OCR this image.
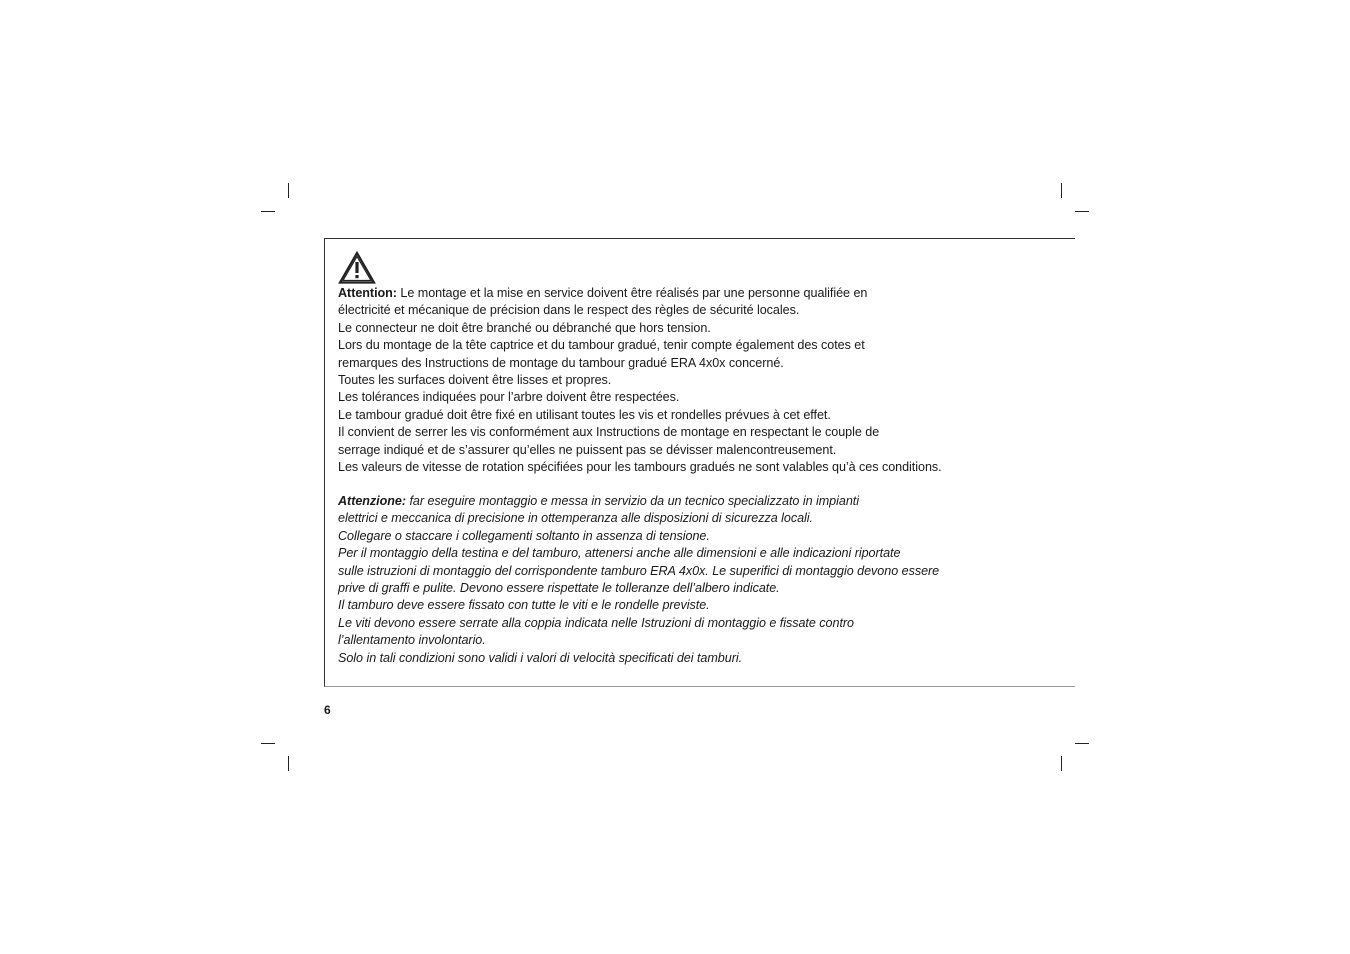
Attention: Le montage et la mise en service doivent être réalisés par une personne qualifiée en
électricité et mécanique de précision dans le respect des règles de sécurité locales.
Le connecteur ne doit être branché ou débranché que hors tension.
Lors du montage de la tête captrice et du tambour gradué, tenir compte également des cotes et
remarques des Instructions de montage du tambour gradué ERA 4x0x concerné.
Toutes les surfaces doivent être lisses et propres.
Les tolérances indiquées pour l’arbre doivent être respectées.
Le tambour gradué doit être fixé en utilisant toutes les vis et rondelles prévues à cet effet.
Il convient de serrer les vis conformément aux Instructions de montage en respectant le couple de
serrage indiqué et de s’assurer qu’elles ne puissent pas se dévisser malencontreusement.
Les valeurs de vitesse de rotation spécifiées pour les tambours gradués ne sont valables qu’à ces conditions.
Attenzione: far eseguire montaggio e messa in servizio da un tecnico specializzato in impianti
elettrici e meccanica di precisione in ottemperanza alle disposizioni di sicurezza locali.
Collegare o staccare i collegamenti soltanto in assenza di tensione.
Per il montaggio della testina e del tamburo, attenersi anche alle dimensioni e alle indicazioni riportate
sulle istruzioni di montaggio del corrispondente tamburo ERA 4x0x. Le superifici di montaggio devono essere
prive di graffi e pulite. Devono essere rispettate le tolleranze dell’albero indicate.
Il tamburo deve essere fissato con tutte le viti e le rondelle previste.
Le viti devono essere serrate alla coppia indicata nelle Istruzioni di montaggio e fissate contro
l’allentamento involontario.
Solo in tali condizioni sono validi i valori di velocità specificati dei tamburi.
6
